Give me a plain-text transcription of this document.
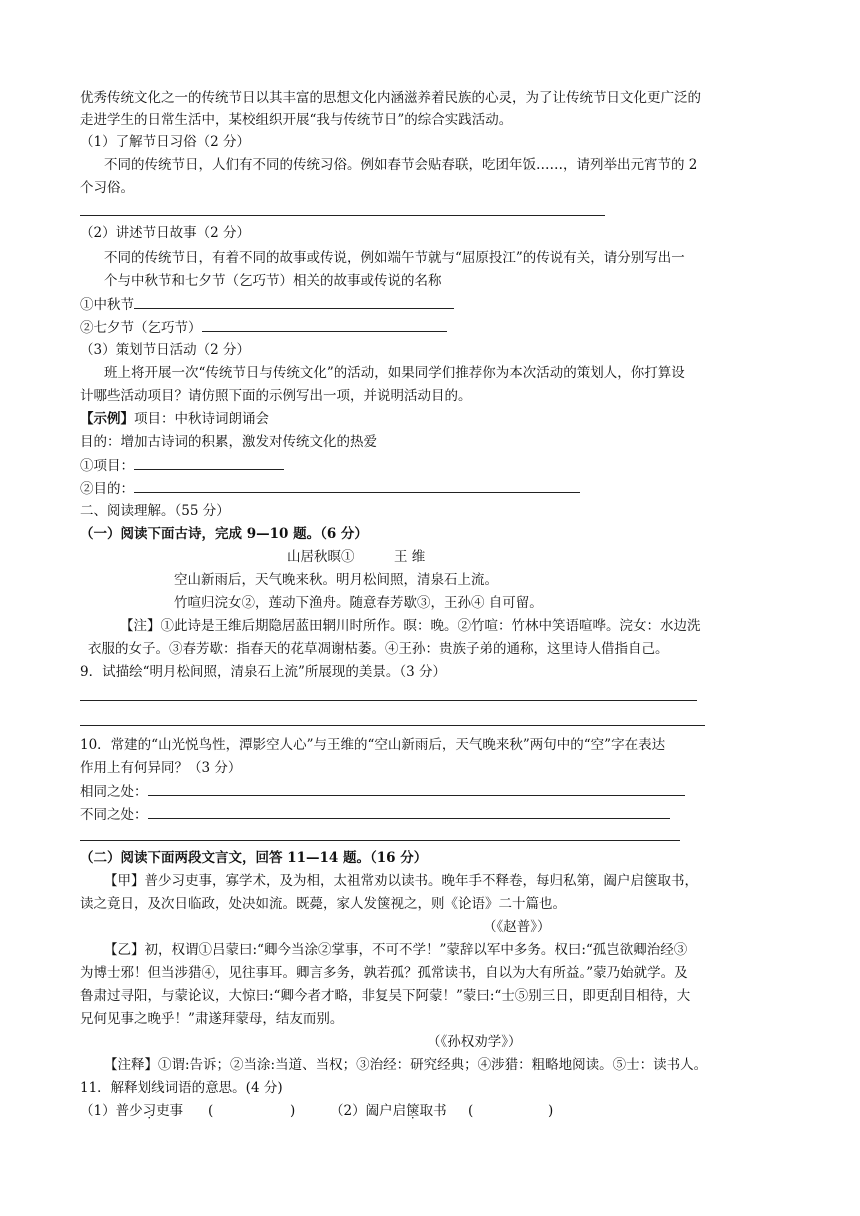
优秀传统文化之一的传统节日以其丰富的思想文化内涵滋养着民族的心灵，为了让传统节日文化更广泛的
走进学生的日常生活中，某校组织开展“我与传统节日”的综合实践活动。
（1）了解节日习俗（2 分）
不同的传统节日，人们有不同的传统习俗。例如春节会贴春联，吃团年饭……，请列举出元宵节的 2
个习俗。
（2）讲述节日故事（2 分）
不同的传统节日，有着不同的故事或传说，例如端午节就与“屈原投江”的传说有关，请分别写出一
个与中秋节和七夕节（乞巧节）相关的故事或传说的名称
①中秋节
②七夕节（乞巧节）
（3）策划节日活动（2 分）
班上将开展一次“传统节日与传统文化”的活动，如果同学们推荐你为本次活动的策划人，你打算设
计哪些活动项目？请仿照下面的示例写出一项，并说明活动目的。
【示例】项目：中秋诗词朗诵会
目的：增加古诗词的积累，激发对传统文化的热爱
①项目：
②目的：
二、阅读理解。（55 分）
（一）阅读下面古诗，完成 9—10 题。（6 分）
山居秋暝①	王 维
空山新雨后，天气晚来秋。明月松间照，清泉石上流。
竹喧归浣女②，莲动下渔舟。随意春芳歇③，王孙④ 自可留。
【注】①此诗是王维后期隐居蓝田辋川时所作。暝：晚。②竹喧：竹林中笑语喧哗。浣女：水边洗
衣服的女子。③春芳歇：指春天的花草凋谢枯萎。④王孙：贵族子弟的通称，这里诗人借指自己。
9．试描绘“明月松间照，清泉石上流”所展现的美景。（3 分）
10．常建的“山光悦鸟性，潭影空人心”与王维的“空山新雨后，天气晚来秋”两句中的“空”字在表达
作用上有何异同？（3 分）
相同之处：
不同之处：
（二）阅读下面两段文言文，回答 11—14 题。（16 分）
【甲】普少习吏事，寡学术，及为相，太祖常劝以读书。晚年手不释卷，每归私第，阖户启箧取书，
读之竟日，及次日临政，处决如流。既薨，家人发箧视之，则《论语》二十篇也。
（《赵普》）
【乙】初，权谓①吕蒙曰:“卿今当涂②掌事，不可不学！”蒙辞以军中多务。权曰:“孤岂欲卿治经③
为博士邪！但当涉猎④，见往事耳。卿言多务，孰若孤？孤常读书，自以为大有所益。”蒙乃始就学。及
鲁肃过寻阳，与蒙论议，大惊曰:“卿今者才略，非复吴下阿蒙！”蒙曰:“士⑤别三日，即更刮目相待，大
兄何见事之晚乎！”肃遂拜蒙母，结友而别。
（《孙权劝学》）
【注释】①谓:告诉；②当涂:当道、当权；③治经：研究经典；④涉猎：粗略地阅读。⑤士：读书人。
11．解释划线词语的意思。(4 分)
（1）普少习吏事 (	)	（2）阖户启箧取书 (	)
